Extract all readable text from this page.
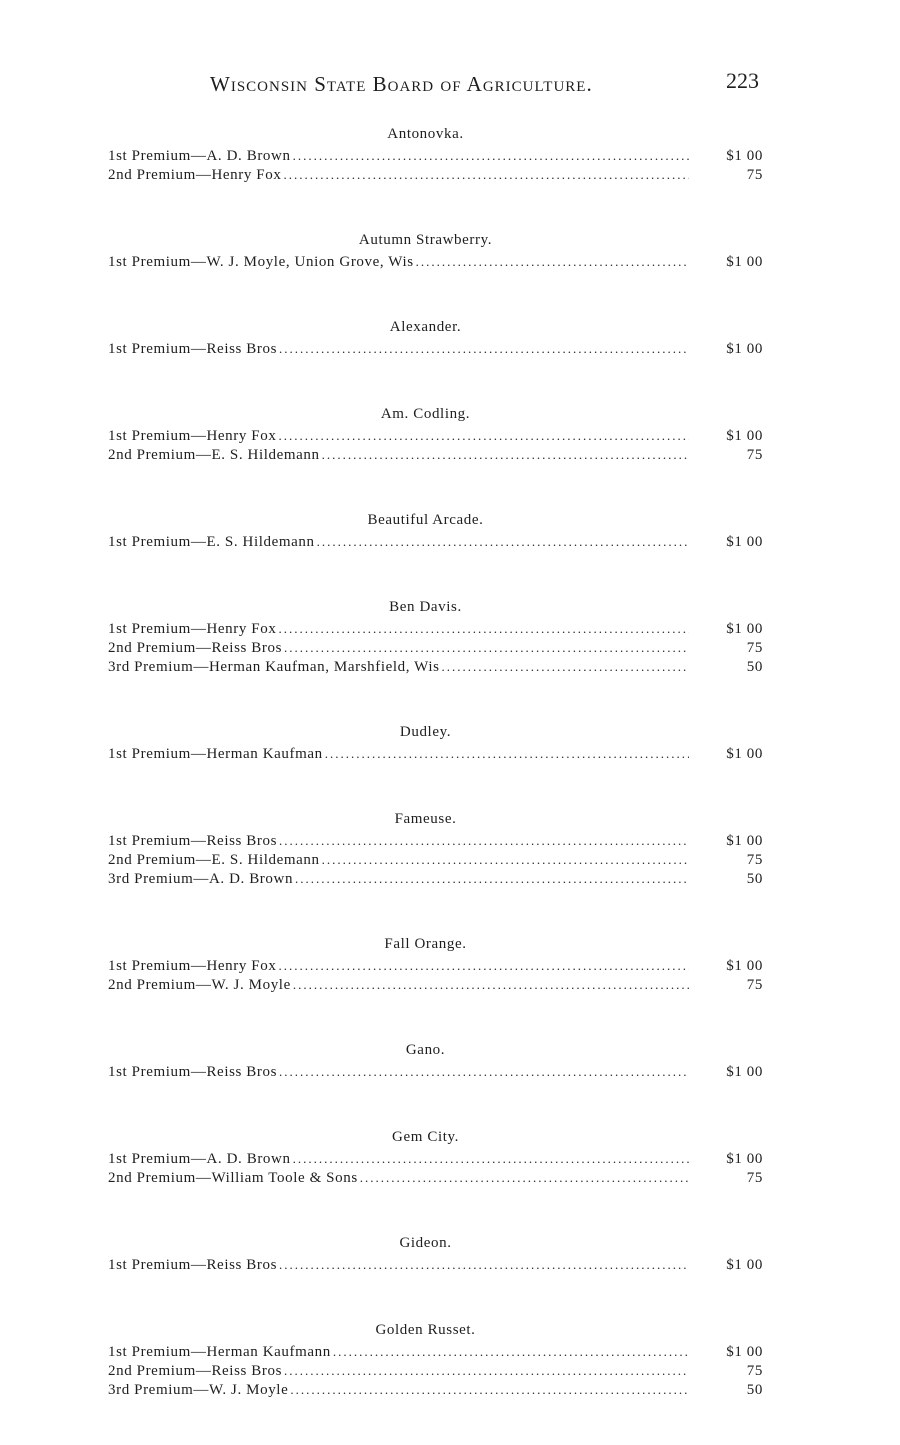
Wisconsin State Board of Agriculture.	223
Antonovka.
1st Premium—A. D. Brown .....	$1 00
2nd Premium—Henry Fox .....	75
Autumn Strawberry.
1st Premium—W. J. Moyle, Union Grove, Wis .....	$1 00
Alexander.
1st Premium—Reiss Bros .....	$1 00
Am. Codling.
1st Premium—Henry Fox .....	$1 00
2nd Premium—E. S. Hildemann .....	75
Beautiful Arcade.
1st Premium—E. S. Hildemann .....	$1 00
Ben Davis.
1st Premium—Henry Fox .....	$1 00
2nd Premium—Reiss Bros .....	75
3rd Premium—Herman Kaufman, Marshfield, Wis .....	50
Dudley.
1st Premium—Herman Kaufman .....	$1 00
Fameuse.
1st Premium—Reiss Bros .....	$1 00
2nd Premium—E. S. Hildemann .....	75
3rd Premium—A. D. Brown .....	50
Fall Orange.
1st Premium—Henry Fox .....	$1 00
2nd Premium—W. J. Moyle .....	75
Gano.
1st Premium—Reiss Bros .....	$1 00
Gem City.
1st Premium—A. D. Brown .....	$1 00
2nd Premium—William Toole & Sons .....	75
Gideon.
1st Premium—Reiss Bros .....	$1 00
Golden Russet.
1st Premium—Herman Kaufmann .....	$1 00
2nd Premium—Reiss Bros .....	75
3rd Premium—W. J. Moyle .....	50
